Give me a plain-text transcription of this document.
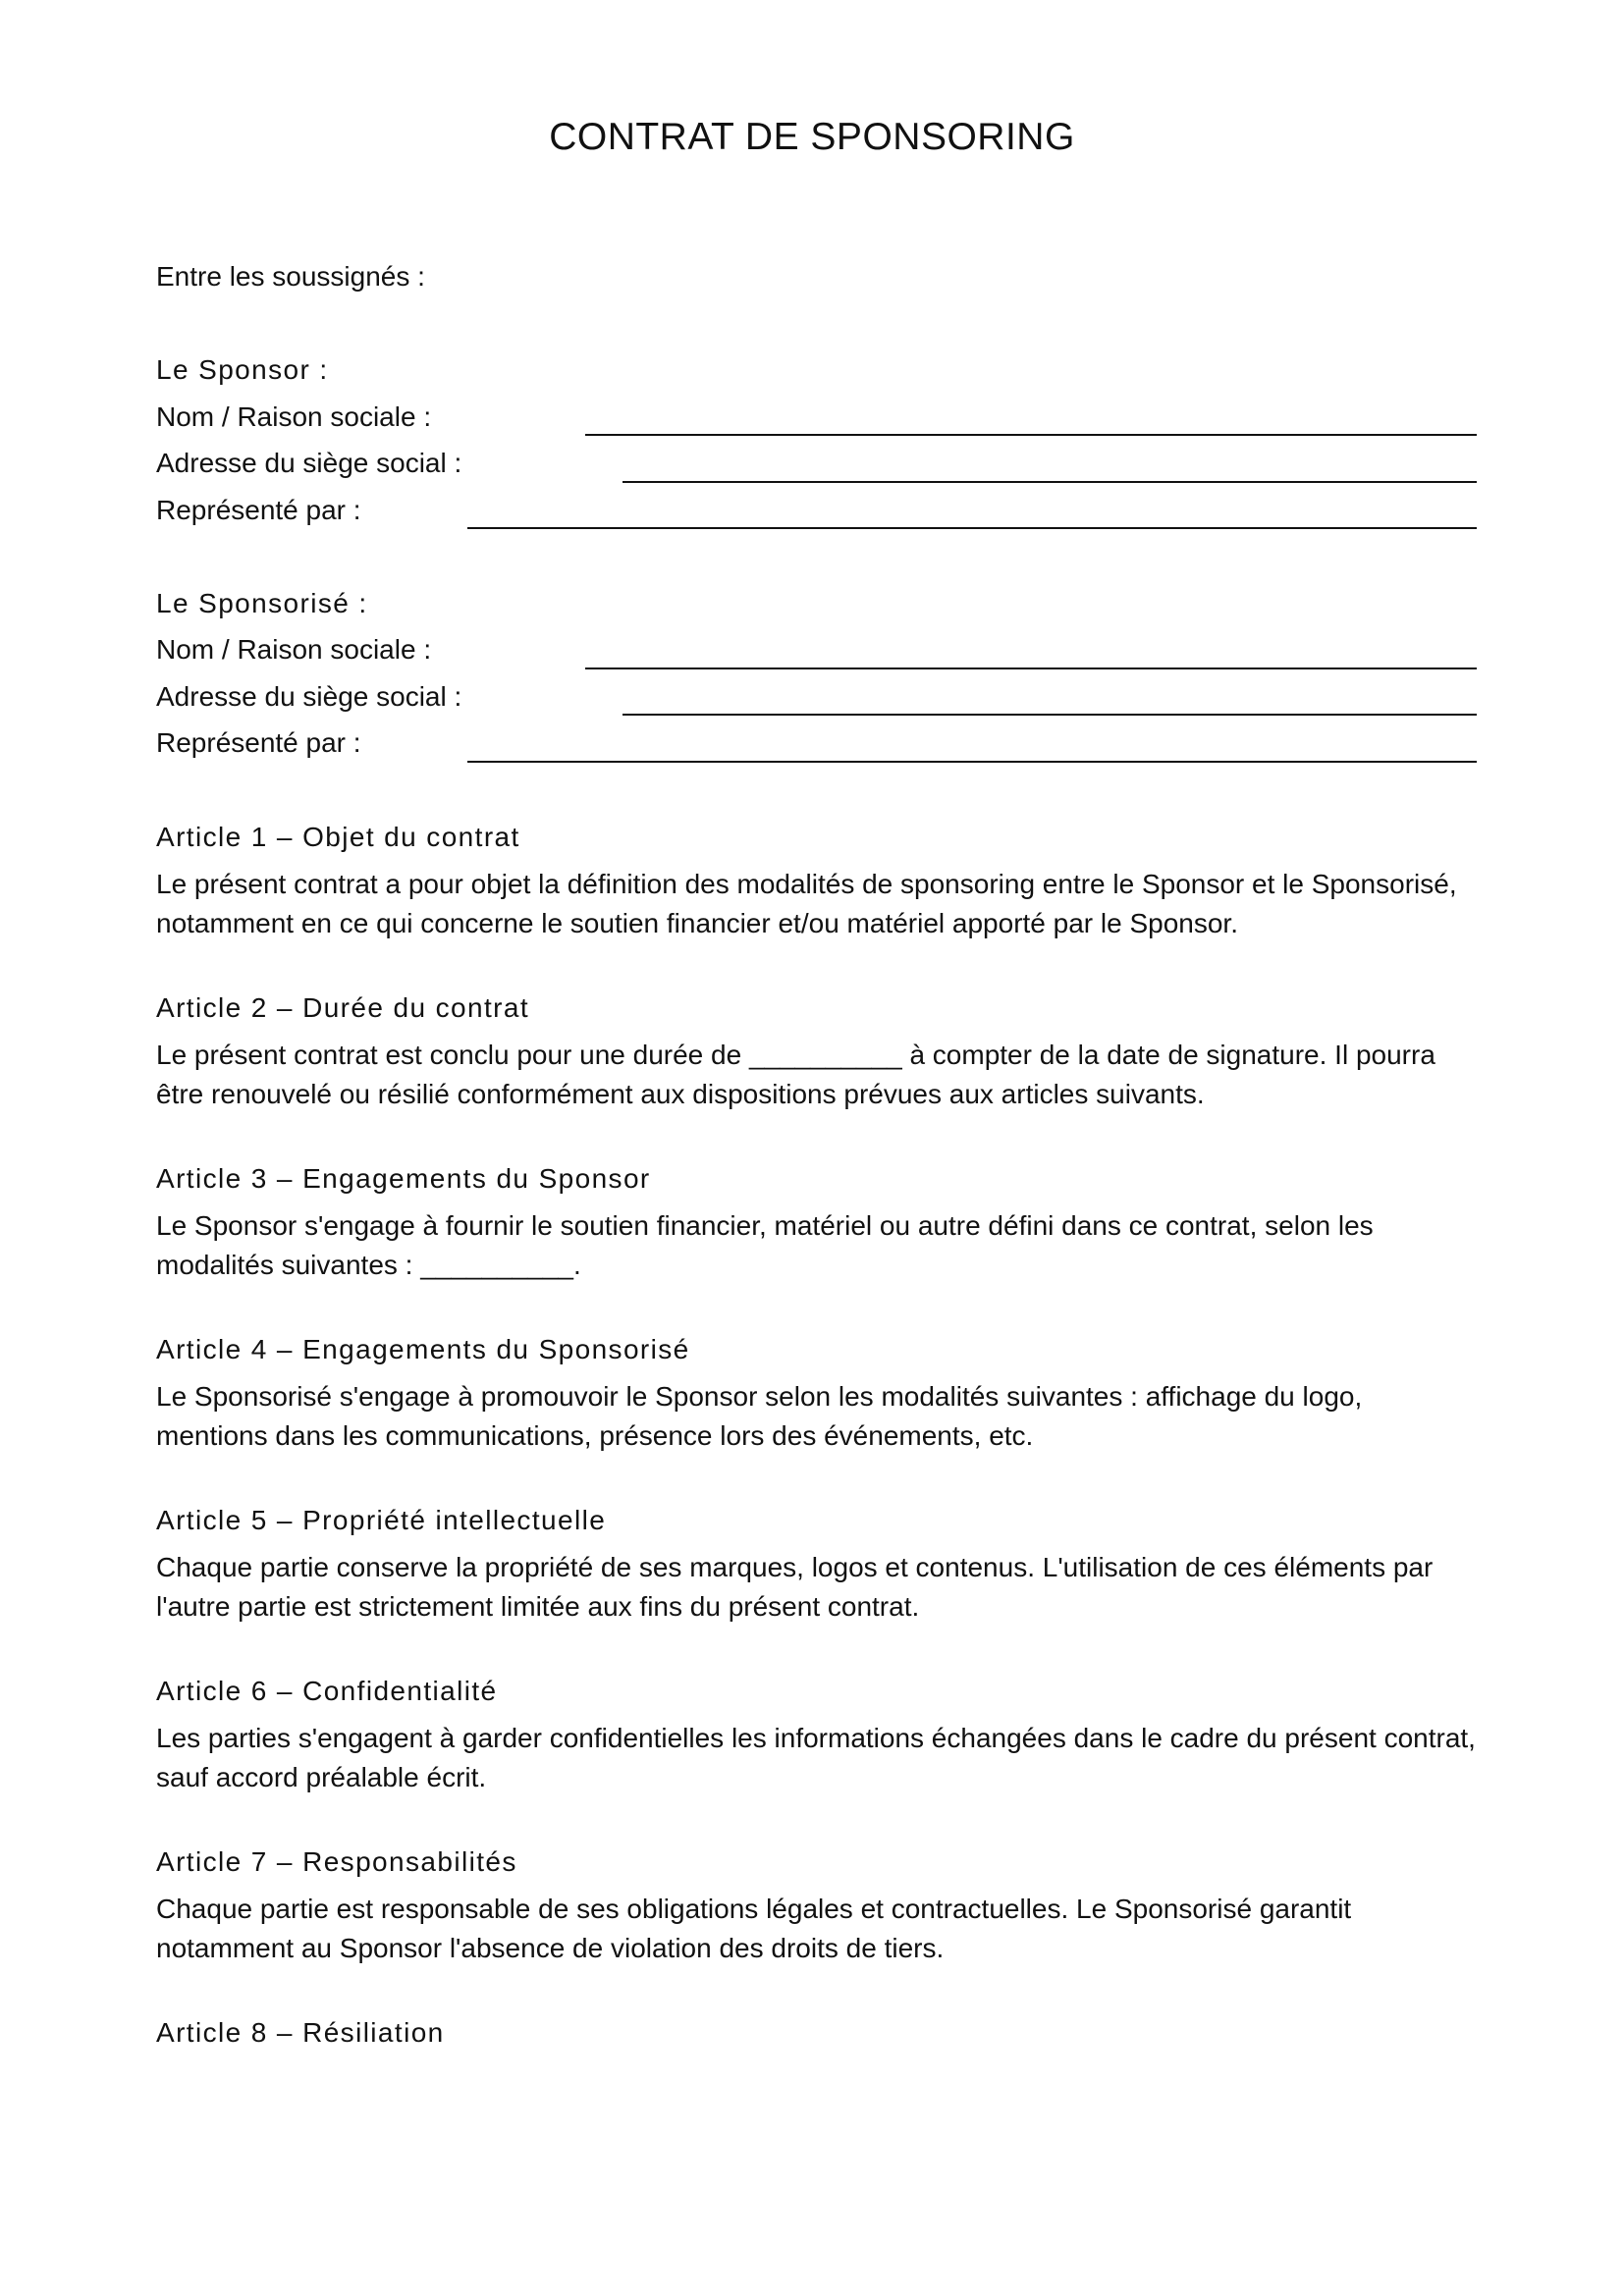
CONTRAT DE SPONSORING
Entre les soussignés :
Le Sponsor :
Nom / Raison sociale :
Adresse du siège social :
Représenté par :
Le Sponsorisé :
Nom / Raison sociale :
Adresse du siège social :
Représenté par :
Article 1 – Objet du contrat
Le présent contrat a pour objet la définition des modalités de sponsoring entre le Sponsor et le Sponsorisé,
notamment en ce qui concerne le soutien financier et/ou matériel apporté par le Sponsor.
Article 2 – Durée du contrat
Le présent contrat est conclu pour une durée de __________ à compter de la date de signature. Il pourra
être renouvelé ou résilié conformément aux dispositions prévues aux articles suivants.
Article 3 – Engagements du Sponsor
Le Sponsor s'engage à fournir le soutien financier, matériel ou autre défini dans ce contrat, selon les
modalités suivantes : __________.
Article 4 – Engagements du Sponsorisé
Le Sponsorisé s'engage à promouvoir le Sponsor selon les modalités suivantes : affichage du logo,
mentions dans les communications, présence lors des événements, etc.
Article 5 – Propriété intellectuelle
Chaque partie conserve la propriété de ses marques, logos et contenus. L'utilisation de ces éléments par
l'autre partie est strictement limitée aux fins du présent contrat.
Article 6 – Confidentialité
Les parties s'engagent à garder confidentielles les informations échangées dans le cadre du présent contrat,
sauf accord préalable écrit.
Article 7 – Responsabilités
Chaque partie est responsable de ses obligations légales et contractuelles. Le Sponsorisé garantit
notamment au Sponsor l'absence de violation des droits de tiers.
Article 8 – Résiliation
